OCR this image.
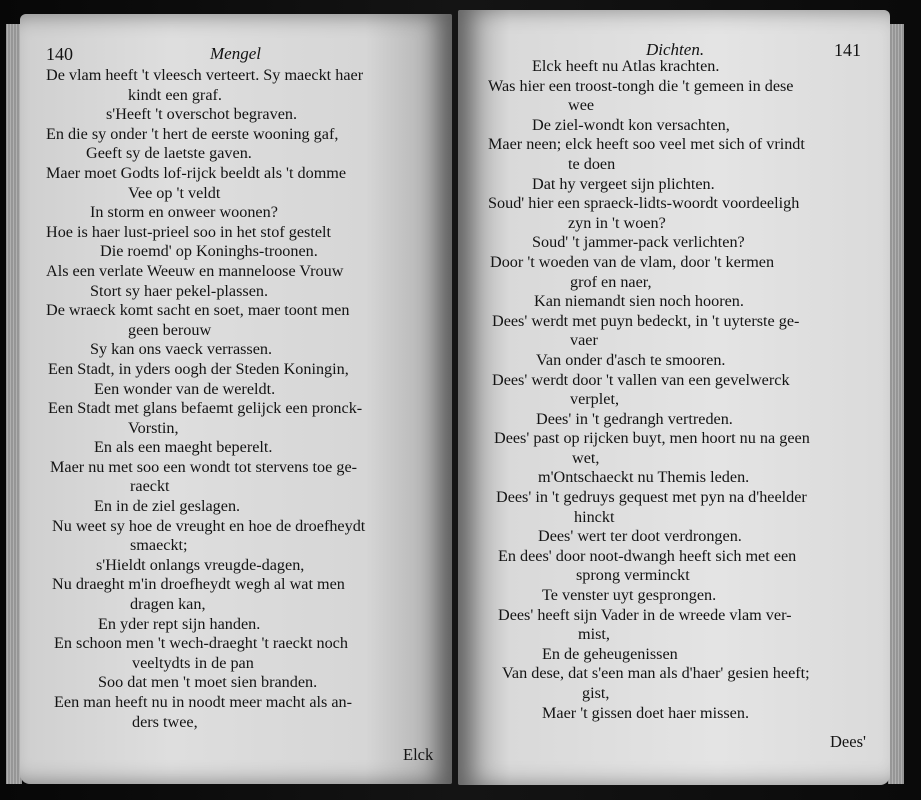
140	Mengel
De vlam heeft 't vleesch verteert. Sy maeckt haer
kindt een graf.
s'Heeft 't overschot begraven.
En die sy onder 't hert de eerste wooning gaf,
Geeft sy de laetste gaven.
Maer moet Godts lof-rijck beeldt als 't domme
Vee op 't veldt
In storm en onweer woonen?
Hoe is haer lust-prieel soo in het stof gestelt
Die roemd' op Koninghs-troonen.
Als een verlate Weeuw en manneloose Vrouw
Stort sy haer pekel-plassen.
De wraeck komt sacht en soet, maer toont men
geen berouw
Sy kan ons vaeck verrassen.
Een Stadt, in yders oogh der Steden Koningin,
Een wonder van de wereldt.
Een Stadt met glans befaemt gelijck een pronck-
Vorstin,
En als een maeght beperelt.
Maer nu met soo een wondt tot stervens toe ge-
raeckt
En in de ziel geslagen.
Nu weet sy hoe de vreught en hoe de droefheydt
smaeckt;
s'Hieldt onlangs vreugde-dagen,
Nu draeght m'in droefheydt wegh al wat men
dragen kan,
En yder rept sijn handen.
En schoon men 't wech-draeght 't raeckt noch
veeltydts in de pan
Soo dat men 't moet sien branden.
Een man heeft nu in noodt meer macht als an-
ders twee,
Elck
Dichten.	141
Elck heeft nu Atlas krachten.
Was hier een troost-tongh die 't gemeen in dese
wee
De ziel-wondt kon versachten,
Maer neen; elck heeft soo veel met sich of vrindt
te doen
Dat hy vergeet sijn plichten.
Soud' hier een spraeck-lidts-woordt voordeeligh
zyn in 't woen?
Soud' 't jammer-pack verlichten?
Door 't woeden van de vlam, door 't kermen
grof en naer,
Kan niemandt sien noch hooren.
Dees' werdt met puyn bedeckt, in 't uyterste ge-
vaer
Van onder d'asch te smooren.
Dees' werdt door 't vallen van een gevelwerck
verplet,
Dees' in 't gedrangh vertreden.
Dees' past op rijcken buyt, men hoort nu na geen
wet,
m'Ontschaeckt nu Themis leden.
Dees' in 't gedruys gequest met pyn na d'heelder
hinckt
Dees' wert ter doot verdrongen.
En dees' door noot-dwangh heeft sich met een
sprong verminckt
Te venster uyt gesprongen.
Dees' heeft sijn Vader in de wreede vlam ver-
mist,
En de geheugenissen
Van dese, dat s'een man als d'haer' gesien heeft;
gist,
Maer 't gissen doet haer missen.
Dees'
